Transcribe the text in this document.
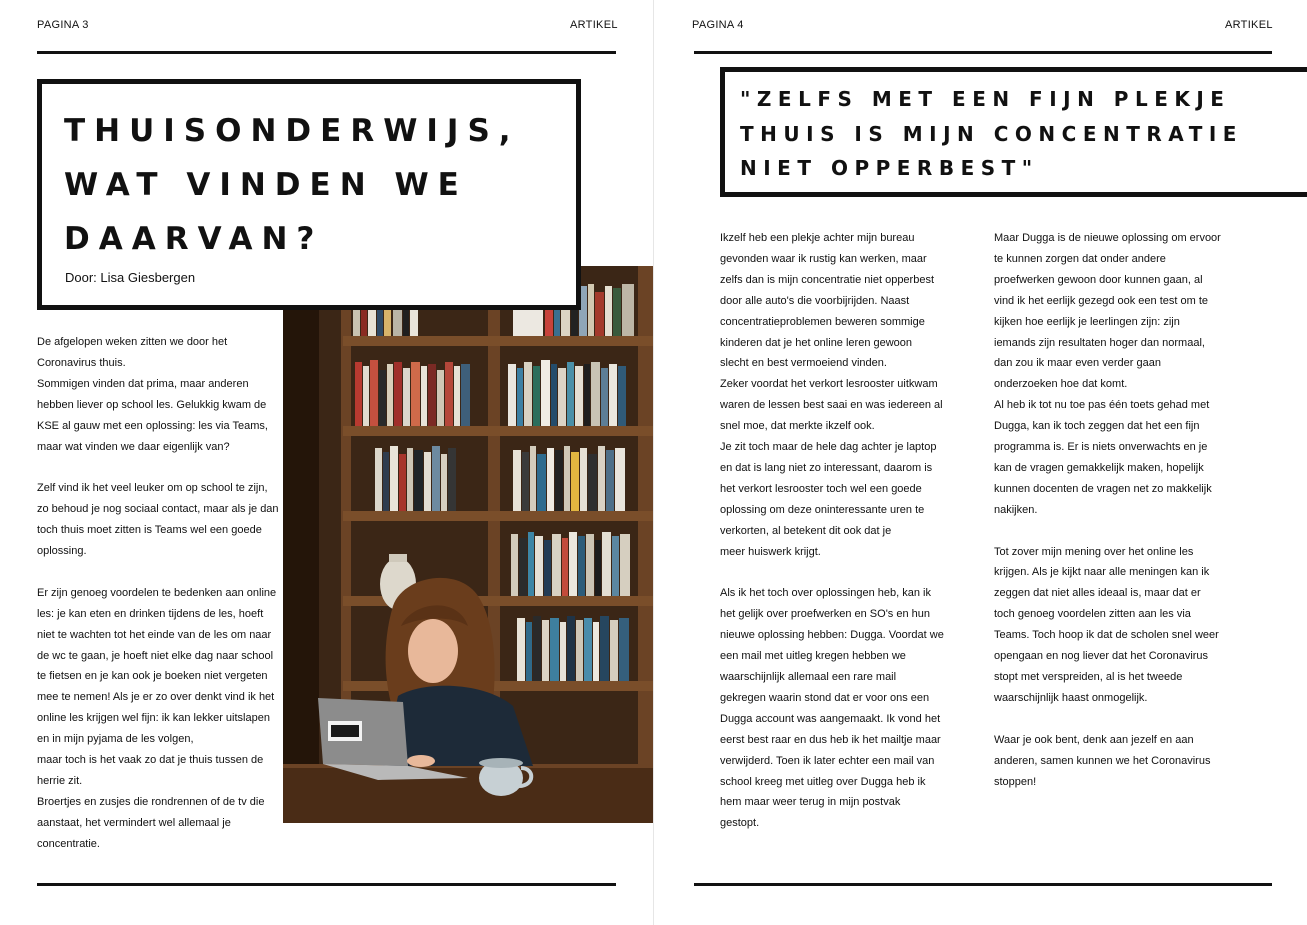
PAGINA 3	ARTIKEL
THUISONDERWIJS,
WAT VINDEN WE
DAARVAN?
Door: Lisa Giesbergen

De afgelopen weken zitten we door het

Coronavirus thuis.

Sommigen vinden dat prima, maar anderen

hebben liever op school les. Gelukkig kwam de

KSE al gauw met een oplossing: les via Teams,

maar wat vinden we daar eigenlijk van?

Zelf vind ik het veel leuker om op school te zijn,

zo behoud je nog sociaal contact, maar als je dan

toch thuis moet zitten is Teams wel een goede

oplossing.

Er zijn genoeg voordelen te bedenken aan online

les: je kan eten en drinken tijdens de les, hoeft

niet te wachten tot het einde van de les om naar

de wc te gaan, je hoeft niet elke dag naar school

te fietsen en je kan ook je boeken niet vergeten

mee te nemen! Als je er zo over denkt vind ik het

online les krijgen wel fijn: ik kan lekker uitslapen

en in mijn pyjama de les volgen,

maar toch is het vaak zo dat je thuis tussen de

herrie zit.

Broertjes en zusjes die rondrennen of de tv die

aanstaat, het vermindert wel allemaal je

concentratie.

PAGINA 4	ARTIKEL
"ZELFS MET EEN FIJN PLEKJE
THUIS IS MIJN CONCENTRATIE
NIET OPPERBEST"

Ikzelf heb een plekje achter mijn bureau

gevonden waar ik rustig kan werken, maar

zelfs dan is mijn concentratie niet opperbest

door alle auto's die voorbijrijden. Naast

concentratieproblemen beweren sommige

kinderen dat je het online leren gewoon

slecht en best vermoeiend vinden.

Zeker voordat het verkort lesrooster uitkwam

waren de lessen best saai en was iedereen al

snel moe, dat merkte ikzelf ook.

Je zit toch maar de hele dag achter je laptop

en dat is lang niet zo interessant, daarom is

het verkort lesrooster toch wel een goede

oplossing om deze oninteressante uren te

verkorten, al betekent dit ook dat je

meer huiswerk krijgt.

Als ik het toch over oplossingen heb, kan ik

het gelijk over proefwerken en SO's en hun

nieuwe oplossing hebben: Dugga. Voordat we

een mail met uitleg kregen hebben we

waarschijnlijk allemaal een rare mail

gekregen waarin stond dat er voor ons een

Dugga account was aangemaakt. Ik vond het

eerst best raar en dus heb ik het mailtje maar

verwijderd. Toen ik later echter een mail van

school kreeg met uitleg over Dugga heb ik

hem maar weer terug in mijn postvak

gestopt.

Maar Dugga is de nieuwe oplossing om ervoor

te kunnen zorgen dat onder andere

proefwerken gewoon door kunnen gaan, al

vind ik het eerlijk gezegd ook een test om te

kijken hoe eerlijk je leerlingen zijn: zijn

iemands zijn resultaten hoger dan normaal,

dan zou ik maar even verder gaan

onderzoeken hoe dat komt.

Al heb ik tot nu toe pas één toets gehad met

Dugga, kan ik toch zeggen dat het een fijn

programma is. Er is niets onverwachts en je

kan de vragen gemakkelijk maken, hopelijk

kunnen docenten de vragen net zo makkelijk

nakijken.

Tot zover mijn mening over het online les

krijgen. Als je kijkt naar alle meningen kan ik

zeggen dat niet alles ideaal is, maar dat er

toch genoeg voordelen zitten aan les via

Teams. Toch hoop ik dat de scholen snel weer

opengaan en nog liever dat het Coronavirus

stopt met verspreiden, al is het tweede

waarschijnlijk haast onmogelijk.

Waar je ook bent, denk aan jezelf en aan

anderen, samen kunnen we het Coronavirus

stoppen!
